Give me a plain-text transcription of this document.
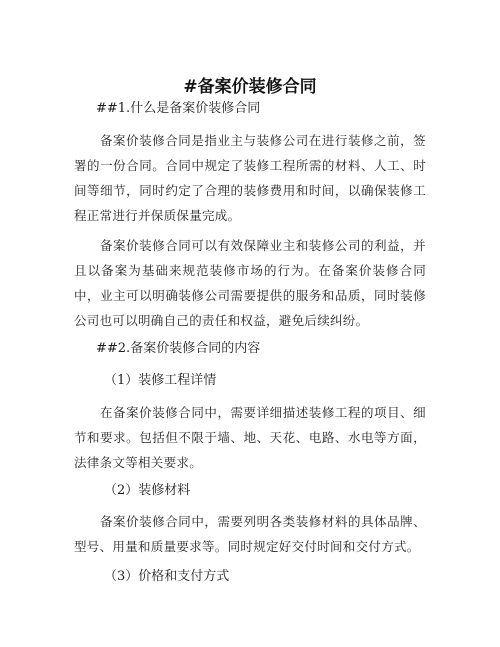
#备案价装修合同
##1.什么是备案价装修合同

备案价装修合同是指业主与装修公司在进行装修之前，签署的一份合同。合同中规定了装修工程所需的材料、人工、时间等细节，同时约定了合理的装修费用和时间，以确保装修工程正常进行并保质保量完成。

备案价装修合同可以有效保障业主和装修公司的利益，并且以备案为基础来规范装修市场的行为。在备案价装修合同中，业主可以明确装修公司需要提供的服务和品质，同时装修公司也可以明确自己的责任和权益，避免后续纠纷。

##2.备案价装修合同的内容
（1）装修工程详情

在备案价装修合同中，需要详细描述装修工程的项目、细节和要求。包括但不限于墙、地、天花、电路、水电等方面，法律条文等相关要求。

（2）装修材料

备案价装修合同中，需要列明各类装修材料的具体品牌、型号、用量和质量要求等。同时规定好交付时间和交付方式。

（3）价格和支付方式
